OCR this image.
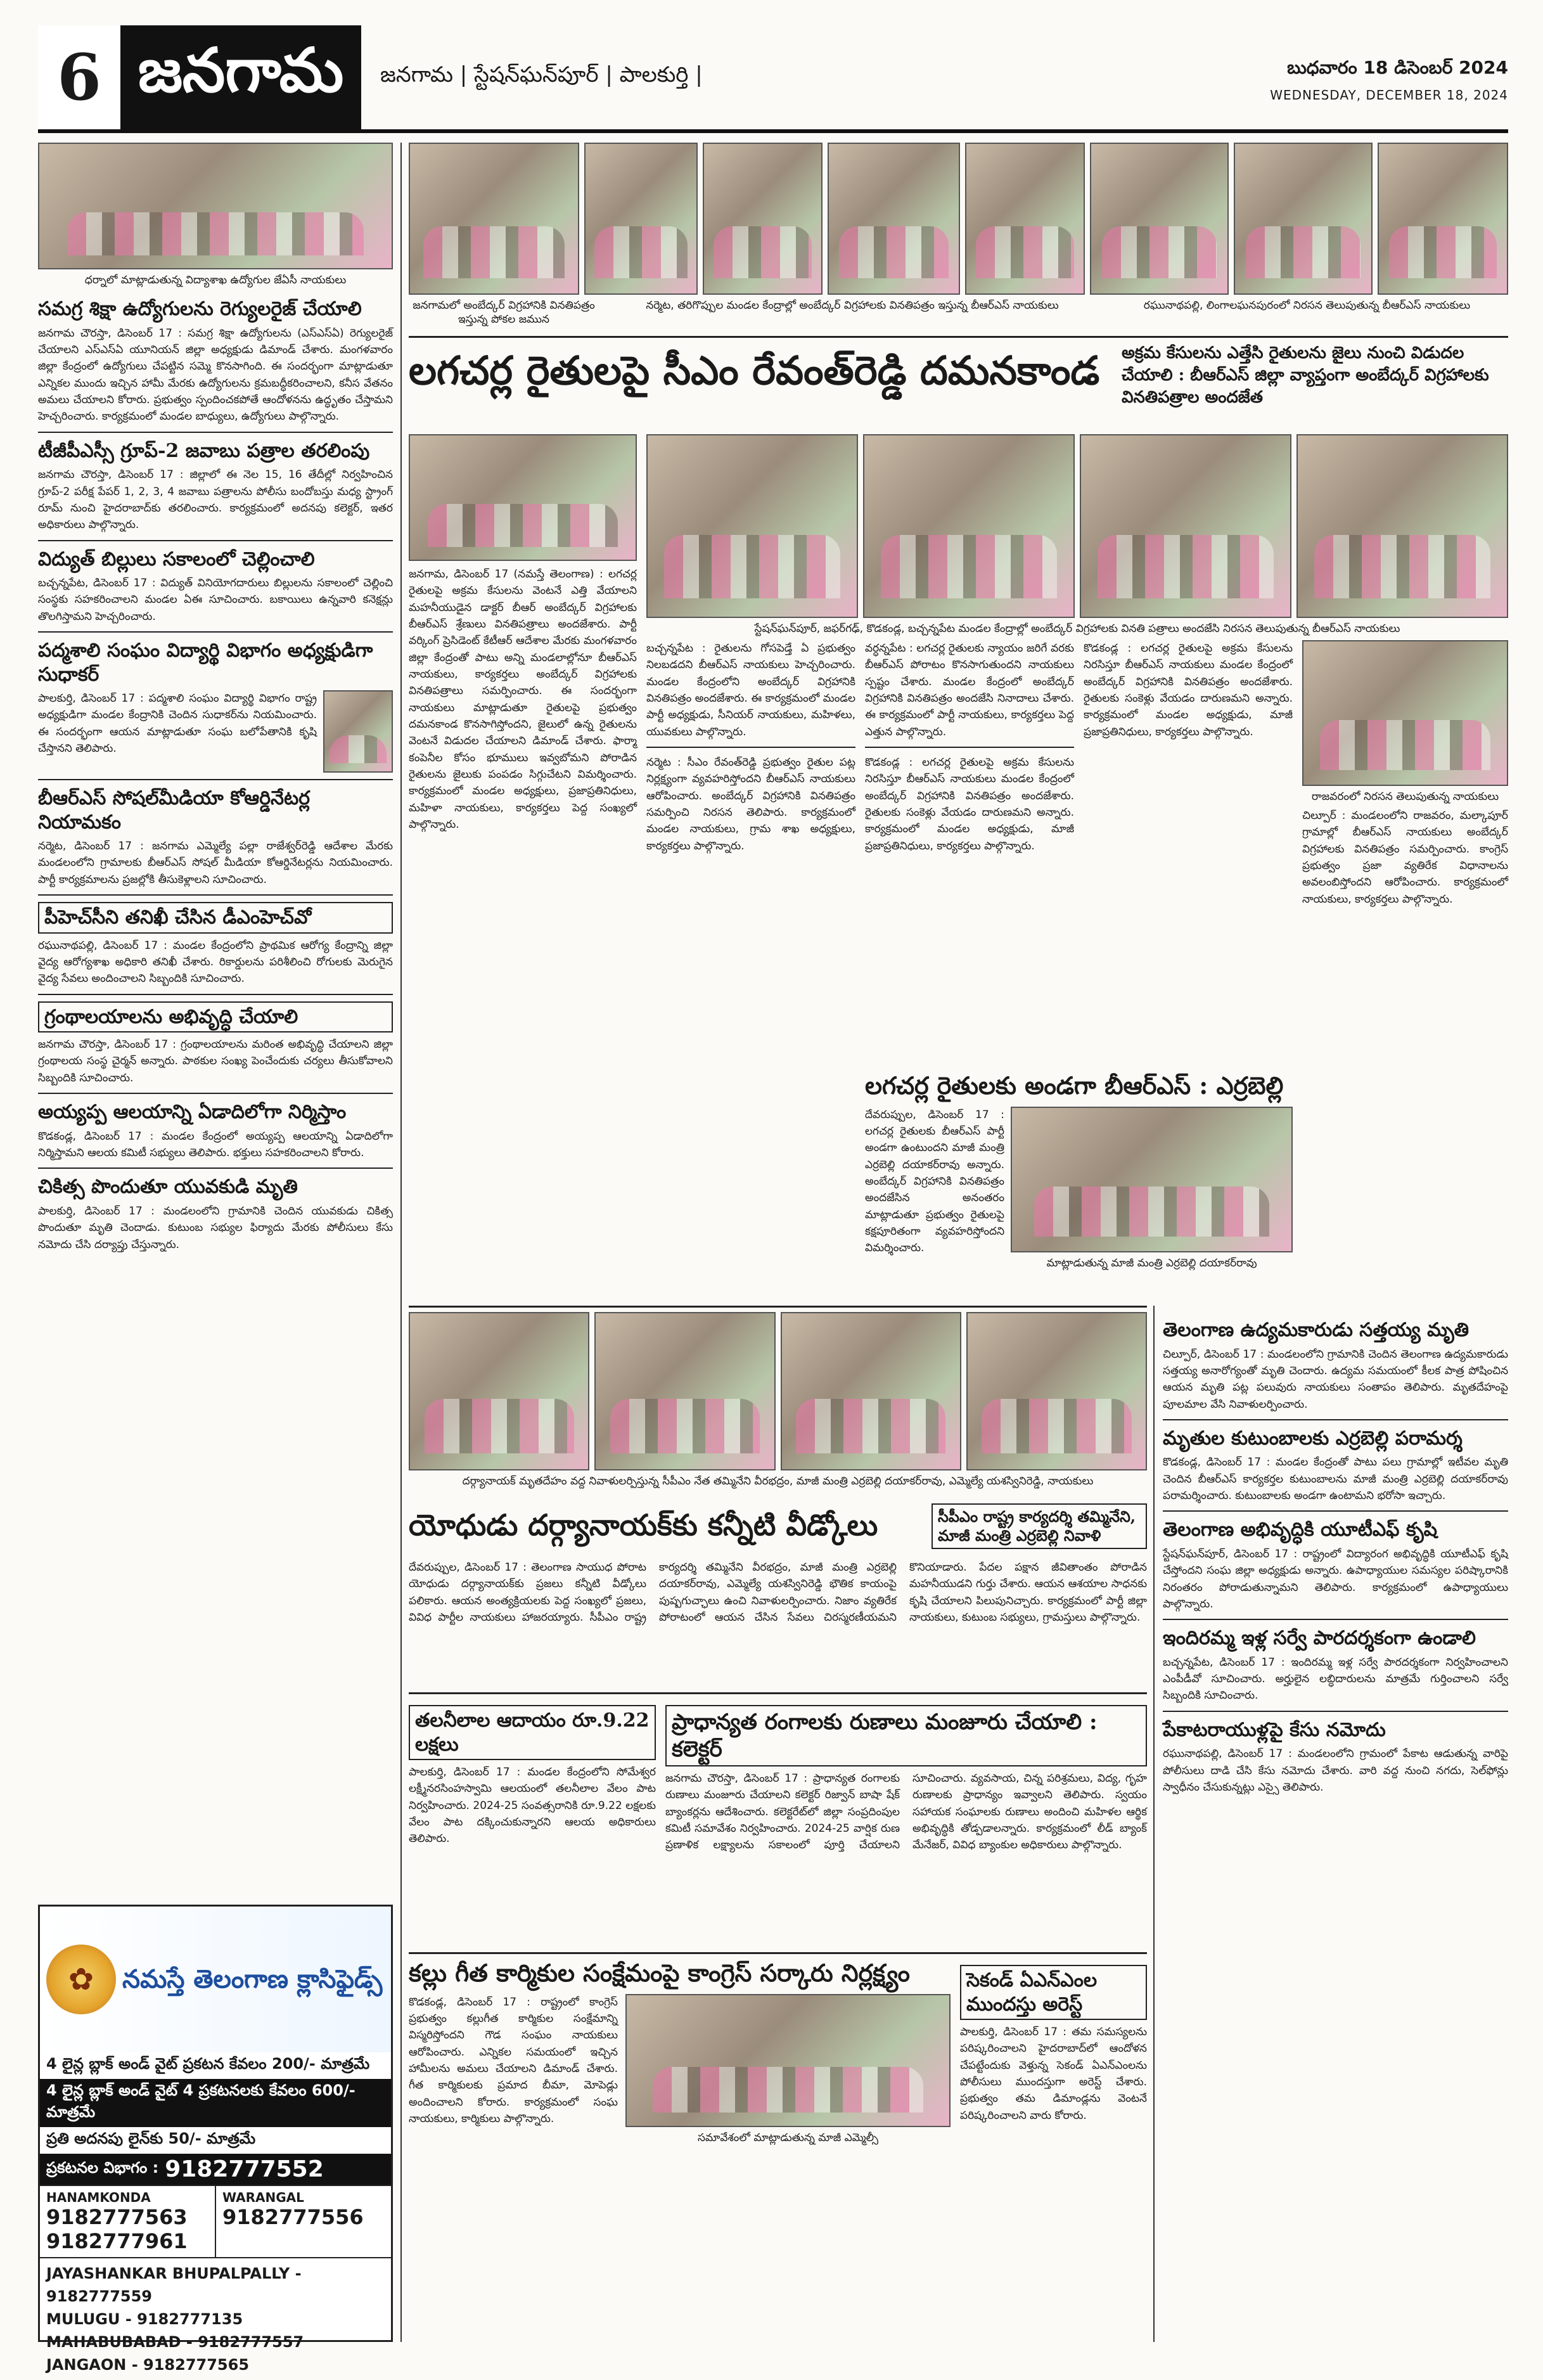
6 జనగామ	జనగామ | స్టేషన్‌ఘన్‌పూర్ | పాలకుర్తి |	బుధవారం 18 డిసెంబర్ 2024
WEDNESDAY, DECEMBER 18, 2024
ధర్నాలో మాట్లాడుతున్న విద్యాశాఖ ఉద్యోగుల జేఏసీ నాయకులు
సమగ్ర శిక్షా ఉద్యోగులను రెగ్యులరైజ్ చేయాలి
జనగామ చౌరస్తా, డిసెంబర్ 17 : సమగ్ర శిక్షా ఉద్యోగులను (ఎస్ఎస్ఏ) రెగ్యులరైజ్ చేయాలని ఎస్ఎస్ఏ యూనియన్ జిల్లా అధ్యక్షుడు డిమాండ్ చేశారు. మంగళవారం జిల్లా కేంద్రంలో ఉద్యోగులు చేపట్టిన సమ్మె కొనసాగింది. ఈ సందర్భంగా మాట్లాడుతూ ఎన్నికల ముందు ఇచ్చిన హామీ మేరకు ఉద్యోగులను క్రమబద్ధీకరించాలని, కనీస వేతనం అమలు చేయాలని కోరారు. ప్రభుత్వం స్పందించకపోతే ఆందోళనను ఉద్ధృతం చేస్తామని హెచ్చరించారు. కార్యక్రమంలో మండల బాధ్యులు, ఉద్యోగులు పాల్గొన్నారు.
టీజీపీఎస్సీ గ్రూప్-2 జవాబు పత్రాల తరలింపు
జనగామ చౌరస్తా, డిసెంబర్ 17 : జిల్లాలో ఈ నెల 15, 16 తేదీల్లో నిర్వహించిన గ్రూప్-2 పరీక్ష పేపర్ 1, 2, 3, 4 జవాబు పత్రాలను పోలీసు బందోబస్తు మధ్య స్ట్రాంగ్ రూమ్ నుంచి హైదరాబాద్‌కు తరలించారు. కార్యక్రమంలో అదనపు కలెక్టర్, ఇతర అధికారులు పాల్గొన్నారు.
విద్యుత్ బిల్లులు సకాలంలో చెల్లించాలి
బచ్చన్నపేట, డిసెంబర్ 17 : విద్యుత్ వినియోగదారులు బిల్లులను సకాలంలో చెల్లించి సంస్థకు సహకరించాలని మండల ఏఈ సూచించారు. బకాయిలు ఉన్నవారి కనెక్షన్లు తొలగిస్తామని హెచ్చరించారు.
పద్మశాలి సంఘం విద్యార్థి విభాగం అధ్యక్షుడిగా సుధాకర్
పాలకుర్తి, డిసెంబర్ 17 : పద్మశాలి సంఘం విద్యార్థి విభాగం రాష్ట్ర అధ్యక్షుడిగా మండల కేంద్రానికి చెందిన సుధాకర్‌ను నియమించారు. ఈ సందర్భంగా ఆయన మాట్లాడుతూ సంఘ బలోపేతానికి కృషి చేస్తానని తెలిపారు.
బీఆర్ఎస్ సోషల్‌మీడియా కోఆర్డినేటర్ల నియామకం
నర్మెట, డిసెంబర్ 17 : జనగామ ఎమ్మెల్యే పల్లా రాజేశ్వర్‌రెడ్డి ఆదేశాల మేరకు మండలంలోని గ్రామాలకు బీఆర్ఎస్ సోషల్ మీడియా కోఆర్డినేటర్లను నియమించారు. పార్టీ కార్యక్రమాలను ప్రజల్లోకి తీసుకెళ్లాలని సూచించారు.
పీహెచ్‌సీని తనిఖీ చేసిన డీఎంహెచ్‌వో
రఘునాథపల్లి, డిసెంబర్ 17 : మండల కేంద్రంలోని ప్రాథమిక ఆరోగ్య కేంద్రాన్ని జిల్లా వైద్య ఆరోగ్యశాఖ అధికారి తనిఖీ చేశారు. రికార్డులను పరిశీలించి రోగులకు మెరుగైన వైద్య సేవలు అందించాలని సిబ్బందికి సూచించారు.
గ్రంథాలయాలను అభివృద్ధి చేయాలి
జనగామ చౌరస్తా, డిసెంబర్ 17 : గ్రంథాలయాలను మరింత అభివృద్ధి చేయాలని జిల్లా గ్రంథాలయ సంస్థ చైర్మన్ అన్నారు. పాఠకుల సంఖ్య పెంచేందుకు చర్యలు తీసుకోవాలని సిబ్బందికి సూచించారు.
అయ్యప్ప ఆలయాన్ని ఏడాదిలోగా నిర్మిస్తాం
కొడకండ్ల, డిసెంబర్ 17 : మండల కేంద్రంలో అయ్యప్ప ఆలయాన్ని ఏడాదిలోగా నిర్మిస్తామని ఆలయ కమిటీ సభ్యులు తెలిపారు. భక్తులు సహకరించాలని కోరారు.
చికిత్స పొందుతూ యువకుడి మృతి
పాలకుర్తి, డిసెంబర్ 17 : మండలంలోని గ్రామానికి చెందిన యువకుడు చికిత్స పొందుతూ మృతి చెందాడు. కుటుంబ సభ్యుల ఫిర్యాదు మేరకు పోలీసులు కేసు నమోదు చేసి దర్యాప్తు చేస్తున్నారు.
జనగామలో అంబేద్కర్ విగ్రహానికి వినతిపత్రం ఇస్తున్న పోకల జమున
నర్మెట, తరిగొప్పుల మండల కేంద్రాల్లో అంబేద్కర్ విగ్రహాలకు వినతిపత్రం ఇస్తున్న బీఆర్ఎస్ నాయకులు	రఘునాథపల్లి, లింగాలఘనపురంలో నిరసన తెలుపుతున్న బీఆర్ఎస్ నాయకులు
లగచర్ల రైతులపై సీఎం రేవంత్‌రెడ్డి దమనకాండ	అక్రమ కేసులను ఎత్తేసి రైతులను జైలు నుంచి విడుదల చేయాలి : బీఆర్ఎస్ జిల్లా వ్యాప్తంగా అంబేద్కర్ విగ్రహాలకు వినతిపత్రాల అందజేత
జనగామ, డిసెంబర్ 17 (నమస్తే తెలంగాణ) : లగచర్ల రైతులపై అక్రమ కేసులను వెంటనే ఎత్తి వేయాలని మహనీయుడైన డాక్టర్ బీఆర్ అంబేద్కర్ విగ్రహాలకు బీఆర్ఎస్ శ్రేణులు వినతిపత్రాలు అందజేశారు. పార్టీ వర్కింగ్ ప్రెసిడెంట్ కేటీఆర్ ఆదేశాల మేరకు మంగళవారం జిల్లా కేంద్రంతో పాటు అన్ని మండలాల్లోనూ బీఆర్ఎస్ నాయకులు, కార్యకర్తలు అంబేద్కర్ విగ్రహాలకు వినతిపత్రాలు సమర్పించారు. ఈ సందర్భంగా నాయకులు మాట్లాడుతూ రైతులపై ప్రభుత్వం దమనకాండ కొనసాగిస్తోందని, జైలులో ఉన్న రైతులను వెంటనే విడుదల చేయాలని డిమాండ్ చేశారు. ఫార్మా కంపెనీల కోసం భూములు ఇవ్వబోమని పోరాడిన రైతులను జైలుకు పంపడం సిగ్గుచేటని విమర్శించారు. కార్యక్రమంలో మండల అధ్యక్షులు, ప్రజాప్రతినిధులు, మహిళా నాయకులు, కార్యకర్తలు పెద్ద సంఖ్యలో పాల్గొన్నారు.
స్టేషన్‌ఘన్‌పూర్, జఫర్‌గఢ్, కొడకండ్ల, బచ్చన్నపేట మండల కేంద్రాల్లో అంబేద్కర్ విగ్రహాలకు వినతి పత్రాలు అందజేసి నిరసన తెలుపుతున్న బీఆర్ఎస్ నాయకులు
బచ్చన్నపేట : రైతులను గోసపెడ్తే ఏ ప్రభుత్వం నిలబడదని బీఆర్ఎస్ నాయకులు హెచ్చరించారు. మండల కేంద్రంలోని అంబేద్కర్ విగ్రహానికి వినతిపత్రం అందజేశారు. ఈ కార్యక్రమంలో మండల పార్టీ అధ్యక్షుడు, సీనియర్ నాయకులు, మహిళలు, యువకులు పాల్గొన్నారు.
నర్మెట : సీఎం రేవంత్‌రెడ్డి ప్రభుత్వం రైతుల పట్ల నిర్లక్ష్యంగా వ్యవహరిస్తోందని బీఆర్ఎస్ నాయకులు ఆరోపించారు. అంబేద్కర్ విగ్రహానికి వినతిపత్రం సమర్పించి నిరసన తెలిపారు. కార్యక్రమంలో మండల నాయకులు, గ్రామ శాఖ అధ్యక్షులు, కార్యకర్తలు పాల్గొన్నారు.
వర్ధన్నపేట : లగచర్ల రైతులకు న్యాయం జరిగే వరకు బీఆర్ఎస్ పోరాటం కొనసాగుతుందని నాయకులు స్పష్టం చేశారు. మండల కేంద్రంలో అంబేద్కర్ విగ్రహానికి వినతిపత్రం అందజేసి నినాదాలు చేశారు. ఈ కార్యక్రమంలో పార్టీ నాయకులు, కార్యకర్తలు పెద్ద ఎత్తున పాల్గొన్నారు.
కొడకండ్ల : లగచర్ల రైతులపై అక్రమ కేసులను నిరసిస్తూ బీఆర్ఎస్ నాయకులు మండల కేంద్రంలో అంబేద్కర్ విగ్రహానికి వినతిపత్రం అందజేశారు. రైతులకు సంకెళ్లు వేయడం దారుణమని అన్నారు. కార్యక్రమంలో మండల అధ్యక్షుడు, మాజీ ప్రజాప్రతినిధులు, కార్యకర్తలు పాల్గొన్నారు.
కొడకండ్ల : లగచర్ల రైతులపై అక్రమ కేసులను నిరసిస్తూ బీఆర్ఎస్ నాయకులు మండల కేంద్రంలో అంబేద్కర్ విగ్రహానికి వినతిపత్రం అందజేశారు. రైతులకు సంకెళ్లు వేయడం దారుణమని అన్నారు. కార్యక్రమంలో మండల అధ్యక్షుడు, మాజీ ప్రజాప్రతినిధులు, కార్యకర్తలు పాల్గొన్నారు.
రాజవరంలో నిరసన తెలుపుతున్న నాయకులు
చిల్పూర్ : మండలంలోని రాజవరం, మల్కాపూర్ గ్రామాల్లో బీఆర్ఎస్ నాయకులు అంబేద్కర్ విగ్రహాలకు వినతిపత్రం సమర్పించారు. కాంగ్రెస్ ప్రభుత్వం ప్రజా వ్యతిరేక విధానాలను అవలంబిస్తోందని ఆరోపించారు. కార్యక్రమంలో నాయకులు, కార్యకర్తలు పాల్గొన్నారు.
లగచర్ల రైతులకు అండగా బీఆర్ఎస్ : ఎర్రబెల్లి
దేవరుప్పుల, డిసెంబర్ 17 : లగచర్ల రైతులకు బీఆర్ఎస్ పార్టీ అండగా ఉంటుందని మాజీ మంత్రి ఎర్రబెల్లి దయాకర్‌రావు అన్నారు. అంబేద్కర్ విగ్రహానికి వినతిపత్రం అందజేసిన అనంతరం మాట్లాడుతూ ప్రభుత్వం రైతులపై కక్షపూరితంగా వ్యవహరిస్తోందని విమర్శించారు.
మాట్లాడుతున్న మాజీ మంత్రి ఎర్రబెల్లి దయాకర్‌రావు
దర్గ్యానాయక్ మృతదేహం వద్ద నివాళులర్పిస్తున్న సీపీఎం నేత తమ్మినేని వీరభద్రం, మాజీ మంత్రి ఎర్రబెల్లి దయాకర్‌రావు, ఎమ్మెల్యే యశస్వినిరెడ్డి, నాయకులు
యోధుడు దర్గ్యానాయక్‌కు కన్నీటి వీడ్కోలు	సీపీఎం రాష్ట్ర కార్యదర్శి తమ్మినేని, మాజీ మంత్రి ఎర్రబెల్లి నివాళి
దేవరుప్పుల, డిసెంబర్ 17 : తెలంగాణ సాయుధ పోరాట యోధుడు దర్గ్యానాయక్‌కు ప్రజలు కన్నీటి వీడ్కోలు పలికారు. ఆయన అంత్యక్రియలకు పెద్ద సంఖ్యలో ప్రజలు, వివిధ పార్టీల నాయకులు హాజరయ్యారు. సీపీఎం రాష్ట్ర కార్యదర్శి తమ్మినేని వీరభద్రం, మాజీ మంత్రి ఎర్రబెల్లి దయాకర్‌రావు, ఎమ్మెల్యే యశస్వినిరెడ్డి భౌతిక కాయంపై పుష్పగుచ్ఛాలు ఉంచి నివాళులర్పించారు. నిజాం వ్యతిరేక పోరాటంలో ఆయన చేసిన సేవలు చిరస్మరణీయమని కొనియాడారు. పేదల పక్షాన జీవితాంతం పోరాడిన మహనీయుడని గుర్తు చేశారు. ఆయన ఆశయాల సాధనకు కృషి చేయాలని పిలుపునిచ్చారు. కార్యక్రమంలో పార్టీ జిల్లా నాయకులు, కుటుంబ సభ్యులు, గ్రామస్తులు పాల్గొన్నారు.
తెలంగాణ ఉద్యమకారుడు సత్తయ్య మృతి
చిల్పూర్, డిసెంబర్ 17 : మండలంలోని గ్రామానికి చెందిన తెలంగాణ ఉద్యమకారుడు సత్తయ్య అనారోగ్యంతో మృతి చెందారు. ఉద్యమ సమయంలో కీలక పాత్ర పోషించిన ఆయన మృతి పట్ల పలువురు నాయకులు సంతాపం తెలిపారు. మృతదేహంపై పూలమాల వేసి నివాళులర్పించారు.
మృతుల కుటుంబాలకు ఎర్రబెల్లి పరామర్శ
కొడకండ్ల, డిసెంబర్ 17 : మండల కేంద్రంతో పాటు పలు గ్రామాల్లో ఇటీవల మృతి చెందిన బీఆర్ఎస్ కార్యకర్తల కుటుంబాలను మాజీ మంత్రి ఎర్రబెల్లి దయాకర్‌రావు పరామర్శించారు. కుటుంబాలకు అండగా ఉంటామని భరోసా ఇచ్చారు.
తెలంగాణ అభివృద్ధికి యూటీఎఫ్ కృషి
స్టేషన్‌ఘన్‌పూర్, డిసెంబర్ 17 : రాష్ట్రంలో విద్యారంగ అభివృద్ధికి యూటీఎఫ్ కృషి చేస్తోందని సంఘ జిల్లా అధ్యక్షుడు అన్నారు. ఉపాధ్యాయుల సమస్యల పరిష్కారానికి నిరంతరం పోరాడుతున్నామని తెలిపారు. కార్యక్రమంలో ఉపాధ్యాయులు పాల్గొన్నారు.
ఇందిరమ్మ ఇళ్ల సర్వే పారదర్శకంగా ఉండాలి
బచ్చన్నపేట, డిసెంబర్ 17 : ఇందిరమ్మ ఇళ్ల సర్వే పారదర్శకంగా నిర్వహించాలని ఎంపీడీవో సూచించారు. అర్హులైన లబ్ధిదారులను మాత్రమే గుర్తించాలని సర్వే సిబ్బందికి సూచించారు.
పేకాటరాయుళ్లపై కేసు నమోదు
రఘునాథపల్లి, డిసెంబర్ 17 : మండలంలోని గ్రామంలో పేకాట ఆడుతున్న వారిపై పోలీసులు దాడి చేసి కేసు నమోదు చేశారు. వారి వద్ద నుంచి నగదు, సెల్‌ఫోన్లు స్వాధీనం చేసుకున్నట్లు ఎస్సై తెలిపారు.
తలనీలాల ఆదాయం రూ.9.22 లక్షలు
పాలకుర్తి, డిసెంబర్ 17 : మండల కేంద్రంలోని సోమేశ్వర లక్ష్మీనరసింహస్వామి ఆలయంలో తలనీలాల వేలం పాట నిర్వహించారు. 2024-25 సంవత్సరానికి రూ.9.22 లక్షలకు వేలం పాట దక్కించుకున్నారని ఆలయ అధికారులు తెలిపారు.
ప్రాధాన్యత రంగాలకు రుణాలు మంజూరు చేయాలి : కలెక్టర్
జనగామ చౌరస్తా, డిసెంబర్ 17 : ప్రాధాన్యత రంగాలకు రుణాలు మంజూరు చేయాలని కలెక్టర్ రిజ్వాన్ బాషా షేక్ బ్యాంకర్లను ఆదేశించారు. కలెక్టరేట్‌లో జిల్లా సంప్రదింపుల కమిటీ సమావేశం నిర్వహించారు. 2024-25 వార్షిక రుణ ప్రణాళిక లక్ష్యాలను సకాలంలో పూర్తి చేయాలని సూచించారు. వ్యవసాయ, చిన్న పరిశ్రమలు, విద్య, గృహ రుణాలకు ప్రాధాన్యం ఇవ్వాలని తెలిపారు. స్వయం సహాయక సంఘాలకు రుణాలు అందించి మహిళల ఆర్థిక అభివృద్ధికి తోడ్పడాలన్నారు. కార్యక్రమంలో లీడ్ బ్యాంక్ మేనేజర్, వివిధ బ్యాంకుల అధికారులు పాల్గొన్నారు.
కల్లు గీత కార్మికుల సంక్షేమంపై కాంగ్రెస్ సర్కారు నిర్లక్ష్యం
కొడకండ్ల, డిసెంబర్ 17 : రాష్ట్రంలో కాంగ్రెస్ ప్రభుత్వం కల్లుగీత కార్మికుల సంక్షేమాన్ని విస్మరిస్తోందని గౌడ సంఘం నాయకులు ఆరోపించారు. ఎన్నికల సమయంలో ఇచ్చిన హామీలను అమలు చేయాలని డిమాండ్ చేశారు. గీత కార్మికులకు ప్రమాద బీమా, మోపెడ్లు అందించాలని కోరారు. కార్యక్రమంలో సంఘ నాయకులు, కార్మికులు పాల్గొన్నారు.
సమావేశంలో మాట్లాడుతున్న మాజీ ఎమ్మెల్సీ
సెకండ్ ఏఎన్‌ఎంల ముందస్తు అరెస్ట్
పాలకుర్తి, డిసెంబర్ 17 : తమ సమస్యలను పరిష్కరించాలని హైదరాబాద్‌లో ఆందోళన చేపట్టేందుకు వెళ్తున్న సెకండ్ ఏఎన్‌ఎంలను పోలీసులు ముందస్తుగా అరెస్ట్ చేశారు. ప్రభుత్వం తమ డిమాండ్లను వెంటనే పరిష్కరించాలని వారు కోరారు.
✿	నమస్తే తెలంగాణ క్లాసిఫైడ్స్
4 లైన్ల బ్లాక్ అండ్ వైట్ ప్రకటన కేవలం 200/- మాత్రమే
4 లైన్ల బ్లాక్ అండ్ వైట్ 4 ప్రకటనలకు కేవలం 600/- మాత్రమే
ప్రతి అదనపు లైన్‌కు 50/- మాత్రమే
ప్రకటనల విభాగం : 9182777552
HANAMKONDA
9182777563
9182777961
WARANGAL
9182777556
JAYASHANKAR BHUPALPALLY - 9182777559
MULUGU - 9182777135
MAHABUBABAD - 9182777557
JANGAON - 9182777565
